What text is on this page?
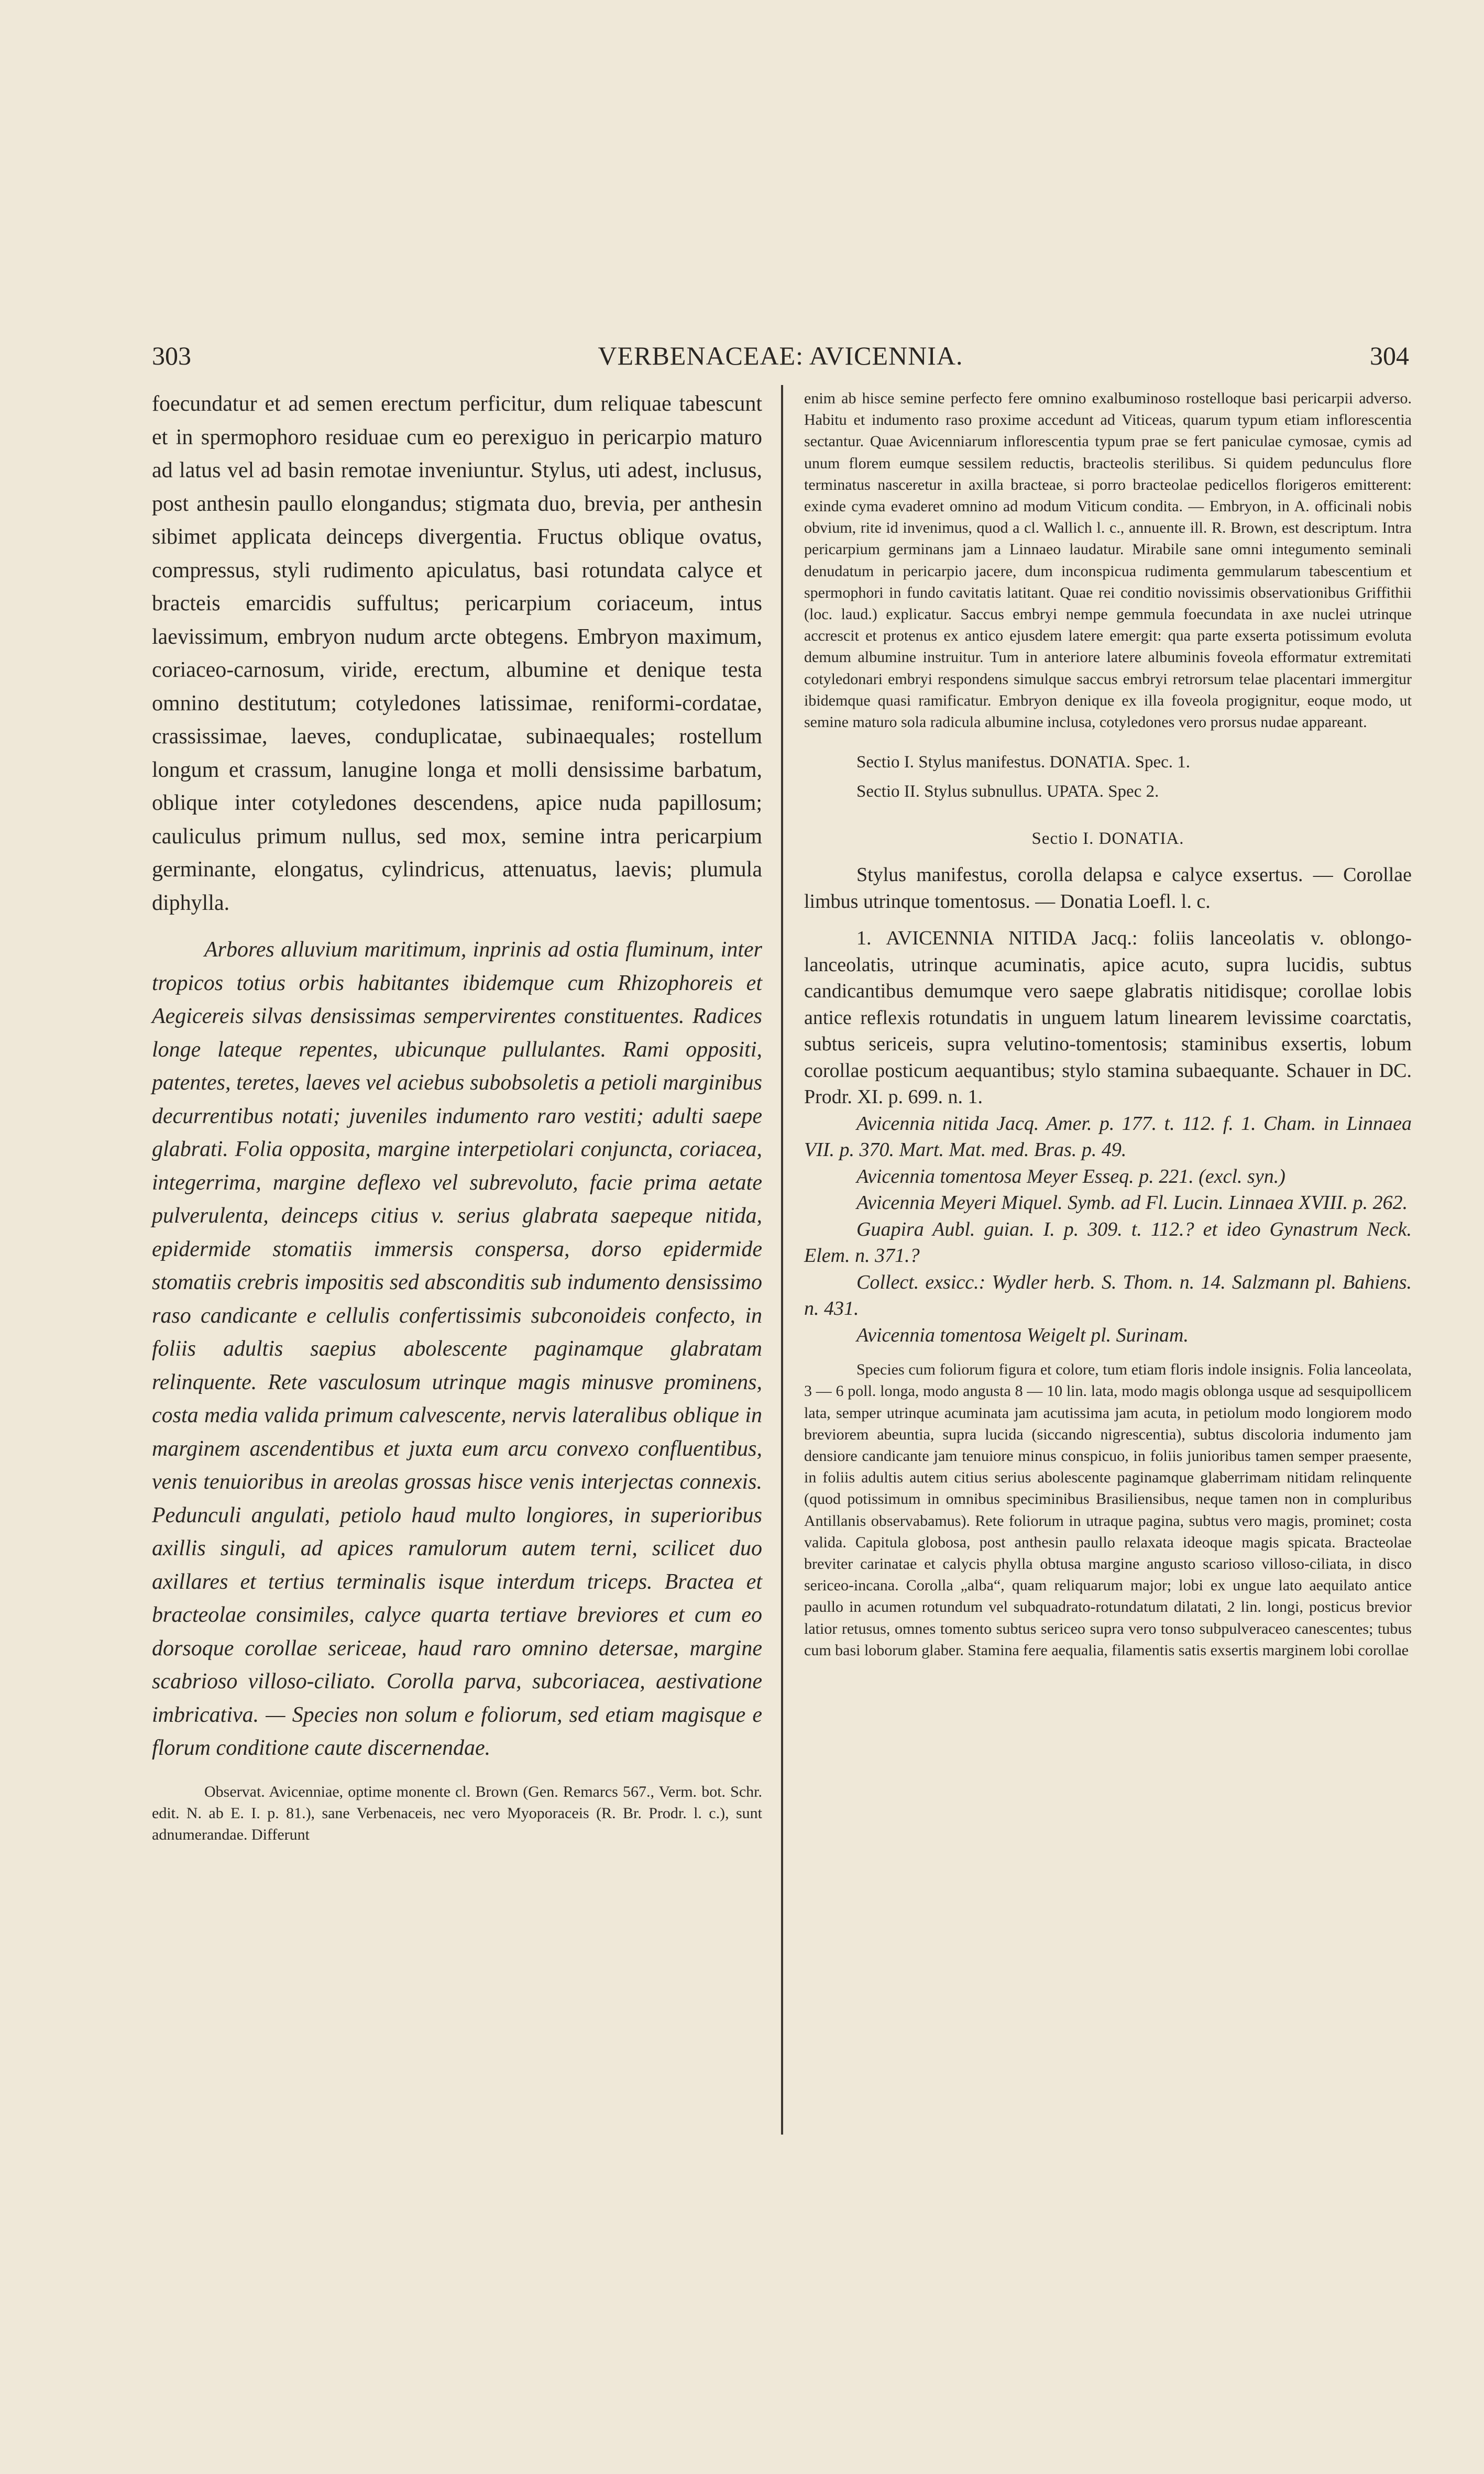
303	VERBENACEAE: AVICENNIA.	304

foecundatur et ad semen erectum perficitur, dum reliquae tabescunt et in spermophoro residuae cum eo perexiguo in pericarpio maturo ad latus vel ad basin remotae inveniuntur. Stylus, uti adest, inclusus, post anthesin paullo elongandus; stigmata duo, brevia, per anthesin sibimet applicata deinceps divergentia. Fructus oblique ovatus, compressus, styli rudimento apiculatus, basi rotundata calyce et bracteis emarcidis suffultus; pericarpium coriaceum, intus laevissimum, embryon nudum arcte obtegens. Embryon maximum, coriaceo-carnosum, viride, erectum, albumine et denique testa omnino destitutum; cotyledones latissimae, reniformi-cordatae, crassissimae, laeves, conduplicatae, subinaequales; rostellum longum et crassum, lanugine longa et molli densissime barbatum, oblique inter cotyledones descendens, apice nuda papillosum; cauliculus primum nullus, sed mox, semine intra pericarpium germinante, elongatus, cylindricus, attenuatus, laevis; plumula diphylla.

Arbores alluvium maritimum, inprinis ad ostia fluminum, inter tropicos totius orbis habitantes ibidemque cum Rhizophoreis et Aegicereis silvas densissimas sempervirentes constituentes. Radices longe lateque repentes, ubicunque pullulantes. Rami oppositi, patentes, teretes, laeves vel aciebus subobsoletis a petioli marginibus decurrentibus notati; juveniles indumento raro vestiti; adulti saepe glabrati. Folia opposita, margine interpetiolari conjuncta, coriacea, integerrima, margine deflexo vel subrevoluto, facie prima aetate pulverulenta, deinceps citius v. serius glabrata saepeque nitida, epidermide stomatiis immersis conspersa, dorso epidermide stomatiis crebris impositis sed absconditis sub indumento densissimo raso candicante e cellulis confertissimis subconoideis confecto, in foliis adultis saepius abolescente paginamque glabratam relinquente. Rete vasculosum utrinque magis minusve prominens, costa media valida primum calvescente, nervis lateralibus oblique in marginem ascendentibus et juxta eum arcu convexo confluentibus, venis tenuioribus in areolas grossas hisce venis interjectas connexis. Pedunculi angulati, petiolo haud multo longiores, in superioribus axillis singuli, ad apices ramulorum autem terni, scilicet duo axillares et tertius terminalis isque interdum triceps. Bractea et bracteolae consimiles, calyce quarta tertiave breviores et cum eo dorsoque corollae sericeae, haud raro omnino detersae, margine scabrioso villoso-ciliato. Corolla parva, subcoriacea, aestivatione imbricativa. — Species non solum e foliorum, sed etiam magisque e florum conditione caute discernendae.

Observat. Avicenniae, optime monente cl. Brown (Gen. Remarcs 567., Verm. bot. Schr. edit. N. ab E. I. p. 81.), sane Verbenaceis, nec vero Myoporaceis (R. Br. Prodr. l. c.), sunt adnumerandae. Differunt

enim ab hisce semine perfecto fere omnino exalbuminoso rostelloque basi pericarpii adverso. Habitu et indumento raso proxime accedunt ad Viticeas, quarum typum etiam inflorescentia sectantur. Quae Avicenniarum inflorescentia typum prae se fert paniculae cymosae, cymis ad unum florem eumque sessilem reductis, bracteolis sterilibus. Si quidem pedunculus flore terminatus nasceretur in axilla bracteae, si porro bracteolae pedicellos florigeros emitterent: exinde cyma evaderet omnino ad modum Viticum condita. — Embryon, in A. officinali nobis obvium, rite id invenimus, quod a cl. Wallich l. c., annuente ill. R. Brown, est descriptum. Intra pericarpium germinans jam a Linnaeo laudatur. Mirabile sane omni integumento seminali denudatum in pericarpio jacere, dum inconspicua rudimenta gemmularum tabescentium et spermophori in fundo cavitatis latitant. Quae rei conditio novissimis observationibus Griffithii (loc. laud.) explicatur. Saccus embryi nempe gemmula foecundata in axe nuclei utrinque accrescit et protenus ex antico ejusdem latere emergit: qua parte exserta potissimum evoluta demum albumine instruitur. Tum in anteriore latere albuminis foveola efformatur extremitati cotyledonari embryi respondens simulque saccus embryi retrorsum telae placentari immergitur ibidemque quasi ramificatur. Embryon denique ex illa foveola progignitur, eoque modo, ut semine maturo sola radicula albumine inclusa, cotyledones vero prorsus nudae appareant.

Sectio I. Stylus manifestus. DONATIA. Spec. 1.
Sectio II. Stylus subnullus. UPATA. Spec 2.
Sectio I. DONATIA.

Stylus manifestus, corolla delapsa e calyce exsertus. — Corollae limbus utrinque tomentosus. — Donatia Loefl. l. c.

1. AVICENNIA NITIDA Jacq.: foliis lanceolatis v. oblongo-lanceolatis, utrinque acuminatis, apice acuto, supra lucidis, subtus candicantibus demumque vero saepe glabratis nitidisque; corollae lobis antice reflexis rotundatis in unguem latum linearem levissime coarctatis, subtus sericeis, supra velutino-tomentosis; staminibus exsertis, lobum corollae posticum aequantibus; stylo stamina subaequante. Schauer in DC. Prodr. XI. p. 699. n. 1.

Avicennia nitida Jacq. Amer. p. 177. t. 112. f. 1. Cham. in Linnaea VII. p. 370. Mart. Mat. med. Bras. p. 49.

Avicennia tomentosa Meyer Esseq. p. 221. (excl. syn.)

Avicennia Meyeri Miquel. Symb. ad Fl. Lucin. Linnaea XVIII. p. 262.

Guapira Aubl. guian. I. p. 309. t. 112.? et ideo Gynastrum Neck. Elem. n. 371.?

Collect. exsicc.: Wydler herb. S. Thom. n. 14. Salzmann pl. Bahiens. n. 431.

Avicennia tomentosa Weigelt pl. Surinam.

Species cum foliorum figura et colore, tum etiam floris indole insignis. Folia lanceolata, 3 — 6 poll. longa, modo angusta 8 — 10 lin. lata, modo magis oblonga usque ad sesquipollicem lata, semper utrinque acuminata jam acutissima jam acuta, in petiolum modo longiorem modo breviorem abeuntia, supra lucida (siccando nigrescentia), subtus discoloria indumento jam densiore candicante jam tenuiore minus conspicuo, in foliis junioribus tamen semper praesente, in foliis adultis autem citius serius abolescente paginamque glaberrimam nitidam relinquente (quod potissimum in omnibus speciminibus Brasiliensibus, neque tamen non in compluribus Antillanis observabamus). Rete foliorum in utraque pagina, subtus vero magis, prominet; costa valida. Capitula globosa, post anthesin paullo relaxata ideoque magis spicata. Bracteolae breviter carinatae et calycis phylla obtusa margine angusto scarioso villoso-ciliata, in disco sericeo-incana. Corolla „alba“, quam reliquarum major; lobi ex ungue lato aequilato antice paullo in acumen rotundum vel subquadrato-rotundatum dilatati, 2 lin. longi, posticus brevior latior retusus, omnes tomento subtus sericeo supra vero tonso subpulveraceo canescentes; tubus cum basi loborum glaber. Stamina fere aequalia, filamentis satis exsertis marginem lobi corollae
